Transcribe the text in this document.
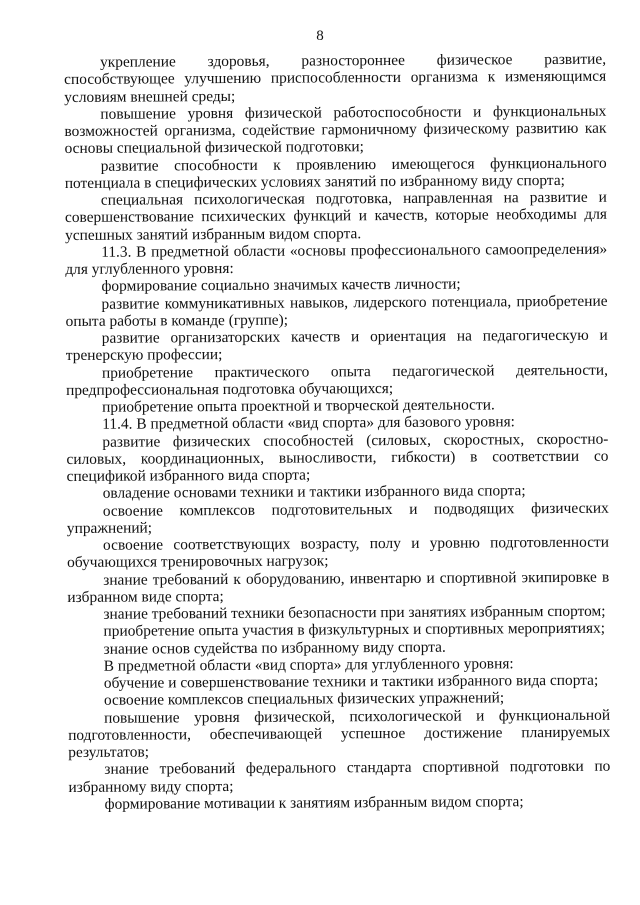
8

укрепление здоровья, разностороннее физическое развитие, способствующее улучшению приспособленности организма к изменяющимся условиям внешней среды;

повышение уровня физической работоспособности и функциональных возможностей организма, содействие гармоничному физическому развитию как основы специальной физической подготовки;

развитие способности к проявлению имеющегося функционального потенциала в специфических условиях занятий по избранному виду спорта;

специальная психологическая подготовка, направленная на развитие и совершенствование психических функций и качеств, которые необходимы для успешных занятий избранным видом спорта.

11.3. В предметной области «основы профессионального самоопределения» для углубленного уровня:

формирование социально значимых качеств личности;

развитие коммуникативных навыков, лидерского потенциала, приобретение опыта работы в команде (группе);

развитие организаторских качеств и ориентация на педагогическую и тренерскую профессии;

приобретение практического опыта педагогической деятельности, предпрофессиональная подготовка обучающихся;

приобретение опыта проектной и творческой деятельности.

11.4. В предметной области «вид спорта» для базового уровня:

развитие физических способностей (силовых, скоростных, скоростно-силовых, координационных, выносливости, гибкости) в соответствии со спецификой избранного вида спорта;

овладение основами техники и тактики избранного вида спорта;

освоение комплексов подготовительных и подводящих физических упражнений;

освоение соответствующих возрасту, полу и уровню подготовленности обучающихся тренировочных нагрузок;

знание требований к оборудованию, инвентарю и спортивной экипировке в избранном виде спорта;

знание требований техники безопасности при занятиях избранным спортом;

приобретение опыта участия в физкультурных и спортивных мероприятиях;

знание основ судейства по избранному виду спорта.

В предметной области «вид спорта» для углубленного уровня:

обучение и совершенствование техники и тактики избранного вида спорта;

освоение комплексов специальных физических упражнений;

повышение уровня физической, психологической и функциональной подготовленности, обеспечивающей успешное достижение планируемых результатов;

знание требований федерального стандарта спортивной подготовки по избранному виду спорта;

формирование мотивации к занятиям избранным видом спорта;
